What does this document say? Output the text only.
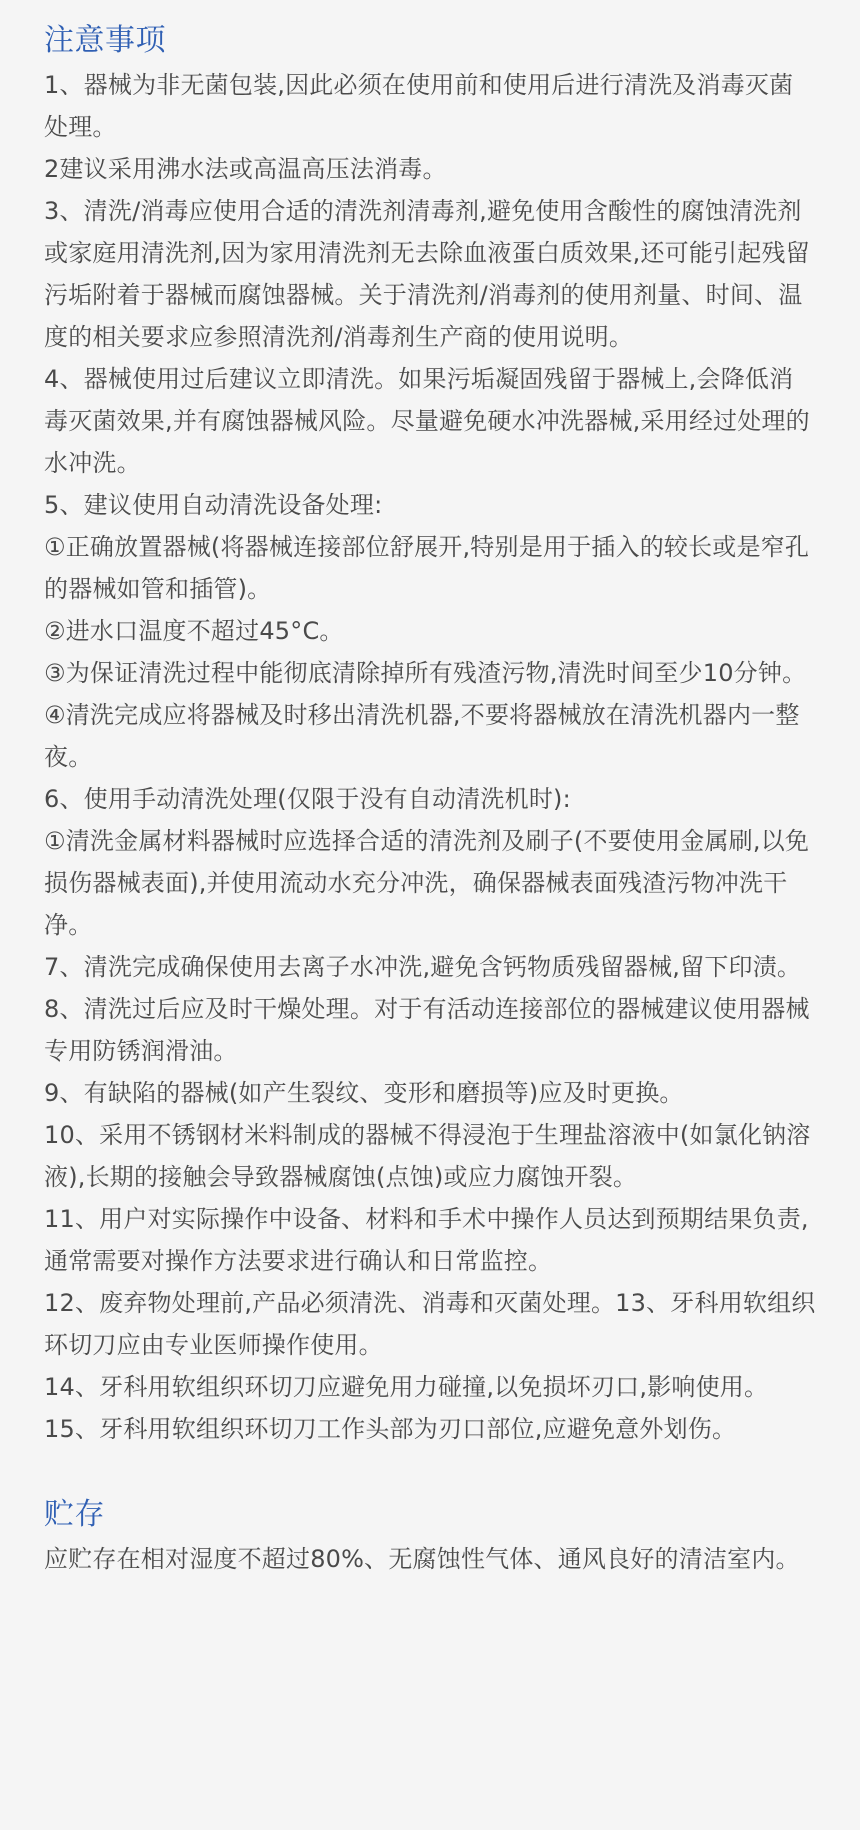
注意事项

1、器械为非无菌包装,因此必须在使用前和使用后进行清洗及消毒灭菌处理。

2建议采用沸水法或高温高压法消毒。

3、清洗/消毒应使用合适的清洗剂清毒剂,避免使用含酸性的腐蚀清洗剂或家庭用清洗剂,因为家用清洗剂无去除血液蛋白质效果,还可能引起残留污垢附着于器械而腐蚀器械。关于清洗剂/消毒剂的使用剂量、时间、温度的相关要求应参照清洗剂/消毒剂生产商的使用说明。

4、器械使用过后建议立即清洗。如果污垢凝固残留于器械上,会降低消毒灭菌效果,并有腐蚀器械风险。尽量避免硬水冲洗器械,采用经过处理的水冲洗。

5、建议使用自动清洗设备处理:

①正确放置器械(将器械连接部位舒展开,特别是用于插入的较长或是窄孔的器械如管和插管)。

②进水口温度不超过45°C。

③为保证清洗过程中能彻底清除掉所有残渣污物,清洗时间至少10分钟。

④清洗完成应将器械及时移出清洗机器,不要将器械放在清洗机器内一整夜。

6、使用手动清洗处理(仅限于没有自动清洗机时):

①清洗金属材料器械时应选择合适的清洗剂及刷子(不要使用金属刷,以免损伤器械表面),并使用流动水充分冲洗，确保器械表面残渣污物冲洗干净。

7、清洗完成确保使用去离子水冲洗,避免含钙物质残留器械,留下印渍。

8、清洗过后应及时干燥处理。对于有活动连接部位的器械建议使用器械专用防锈润滑油。

9、有缺陷的器械(如产生裂纹、变形和磨损等)应及时更换。

10、采用不锈钢材米料制成的器械不得浸泡于生理盐溶液中(如氯化钠溶液),长期的接触会导致器械腐蚀(点蚀)或应力腐蚀开裂。

11、用户对实际操作中设备、材料和手术中操作人员达到预期结果负责,通常需要对操作方法要求进行确认和日常监控。

12、废弃物处理前,产品必须清洗、消毒和灭菌处理。13、牙科用软组织环切刀应由专业医师操作使用。

14、牙科用软组织环切刀应避免用力碰撞,以免损坏刃口,影响使用。

15、牙科用软组织环切刀工作头部为刃口部位,应避免意外划伤。

贮存

应贮存在相对湿度不超过80%、无腐蚀性气体、通风良好的清洁室内。
